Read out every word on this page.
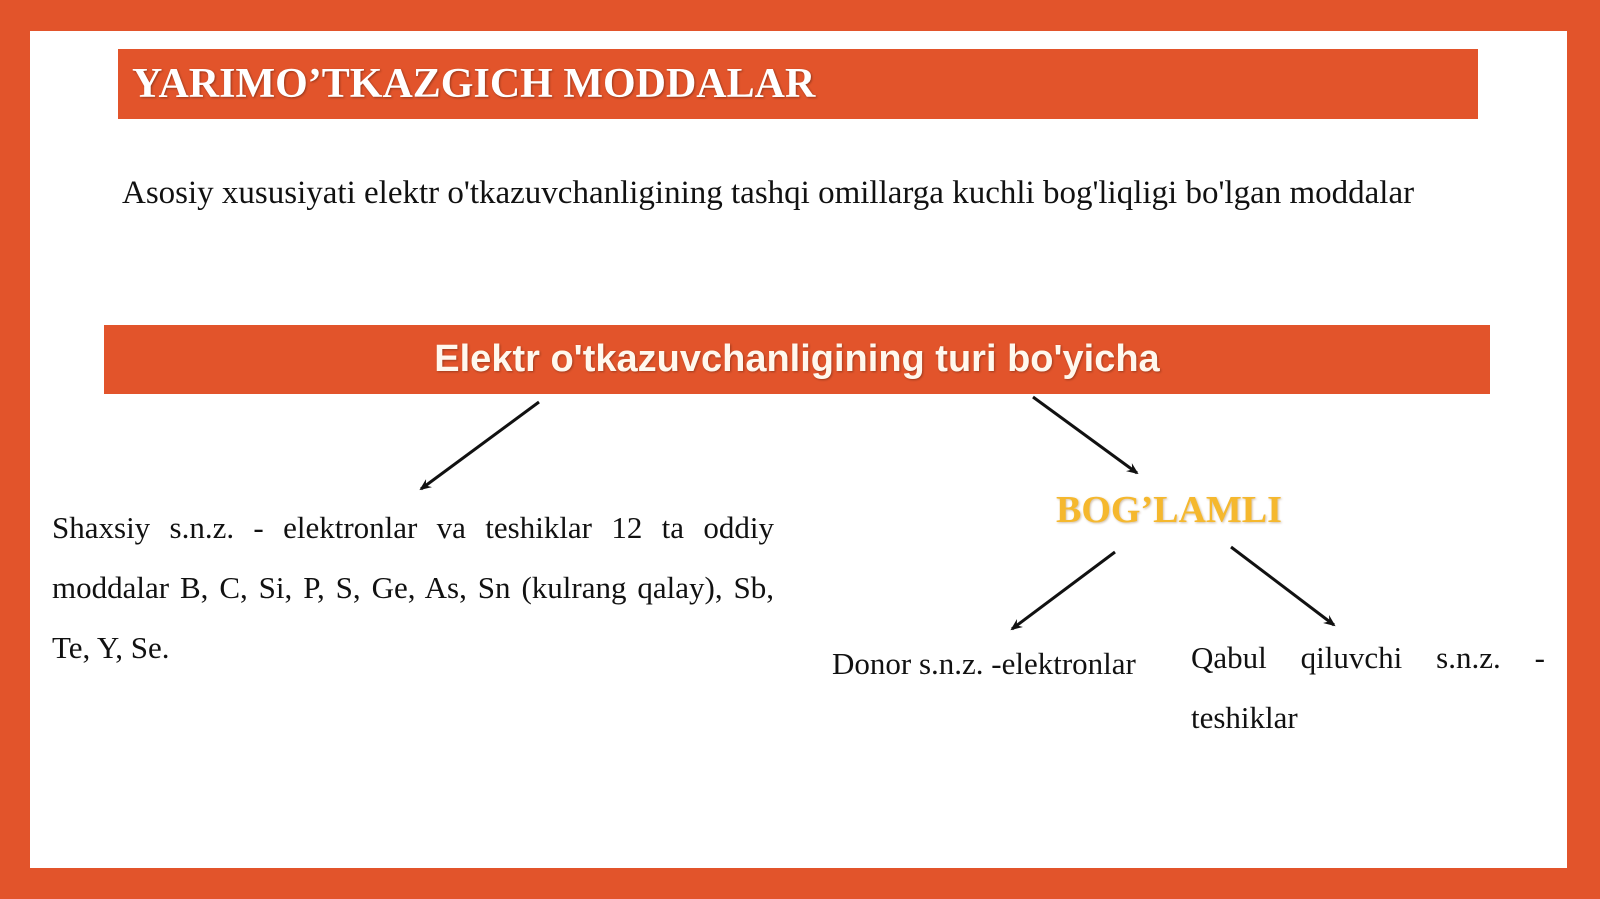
YARIMO’TKAZGICH MODDALAR
Asosiy xususiyati elektr o'tkazuvchanligining tashqi omillarga kuchli bog'liqligi bo'lgan moddalar
Elektr o'tkazuvchanligining turi bo'yicha
Shaxsiy s.n.z. - elektronlar va teshiklar 12 ta oddiy moddalar B, C, Si, P, S, Ge, As, Sn (kulrang qalay), Sb, Te, Y, Se.
BOG’LAMLI
Donor s.n.z. -elektronlar Qabul qiluvchi s.n.z. - teshiklar
